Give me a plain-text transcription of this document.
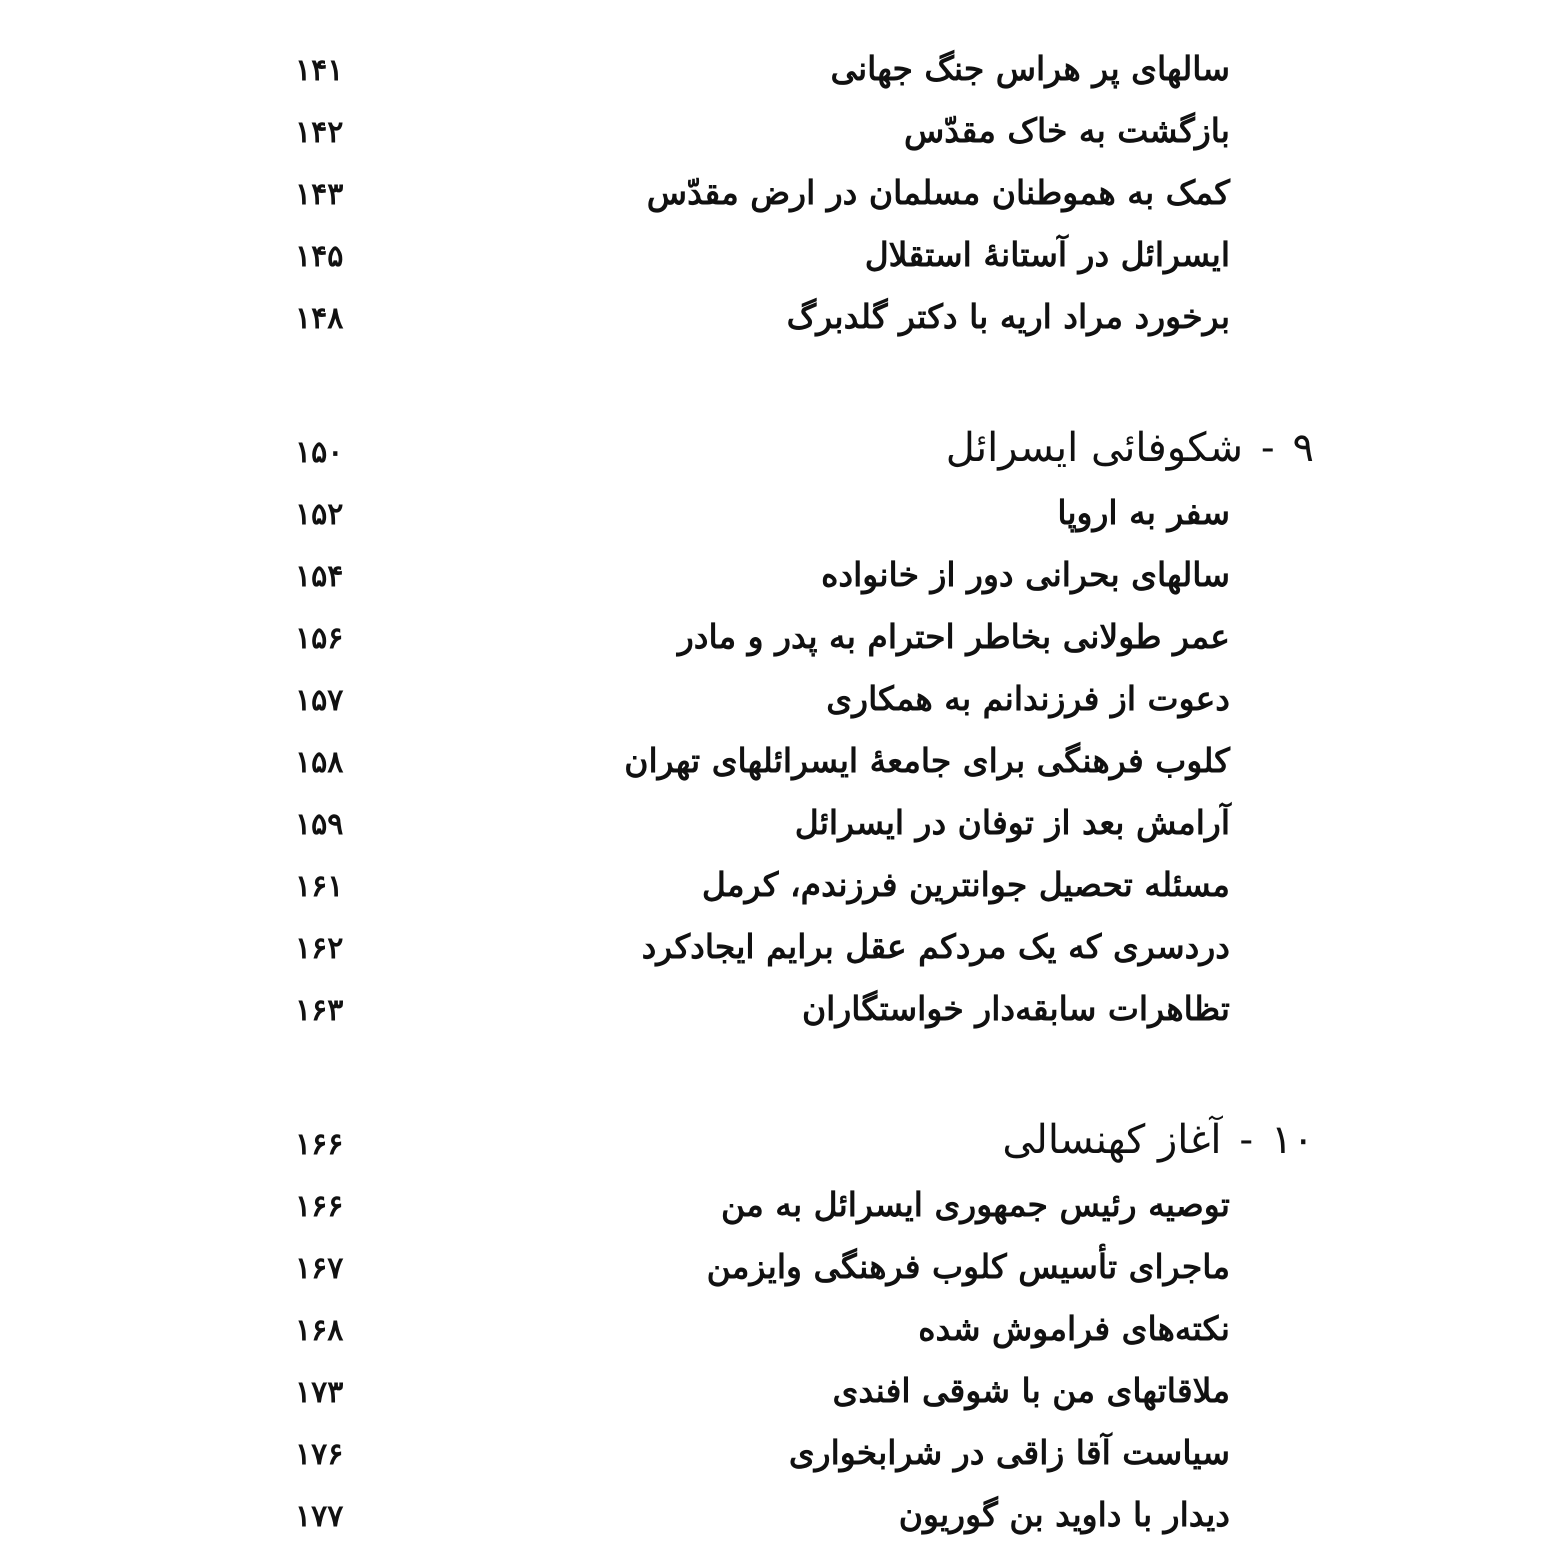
سالهای پر هراس جنگ جهانی
۱۴۱
بازگشت به خاک مقدّس
۱۴۲
کمک به هموطنان مسلمان در ارض مقدّس
۱۴۳
ایسرائل در آستانهٔ استقلال
۱۴۵
برخورد مراد اریه با دکتر گلدبرگ
۱۴۸
۹-شکوفائی ایسرائل
۱۵۰
سفر به اروپا
۱۵۲
سالهای بحرانی دور از خانواده
۱۵۴
عمر طولانی بخاطر احترام به پدر و مادر
۱۵۶
دعوت از فرزندانم به همکاری
۱۵۷
کلوب فرهنگی برای جامعهٔ ایسرائلهای تهران
۱۵۸
آرامش بعد از توفان در ایسرائل
۱۵۹
مسئله تحصیل جوانترین فرزندم، کرمل
۱۶۱
دردسری که یک مردکم عقل برایم ایجادکرد
۱۶۲
تظاهرات سابقه‌دار خواستگاران
۱۶۳
۱۰-آغاز کهنسالی
۱۶۶
توصیه رئیس جمهوری ایسرائل به من
۱۶۶
ماجرای تأسیس کلوب فرهنگی وایزمن
۱۶۷
نکته‌های فراموش شده
۱۶۸
ملاقاتهای من با شوقی افندی
۱۷۳
سیاست آقا زاقی در شرابخواری
۱۷۶
دیدار با داوید بن گوریون
۱۷۷
